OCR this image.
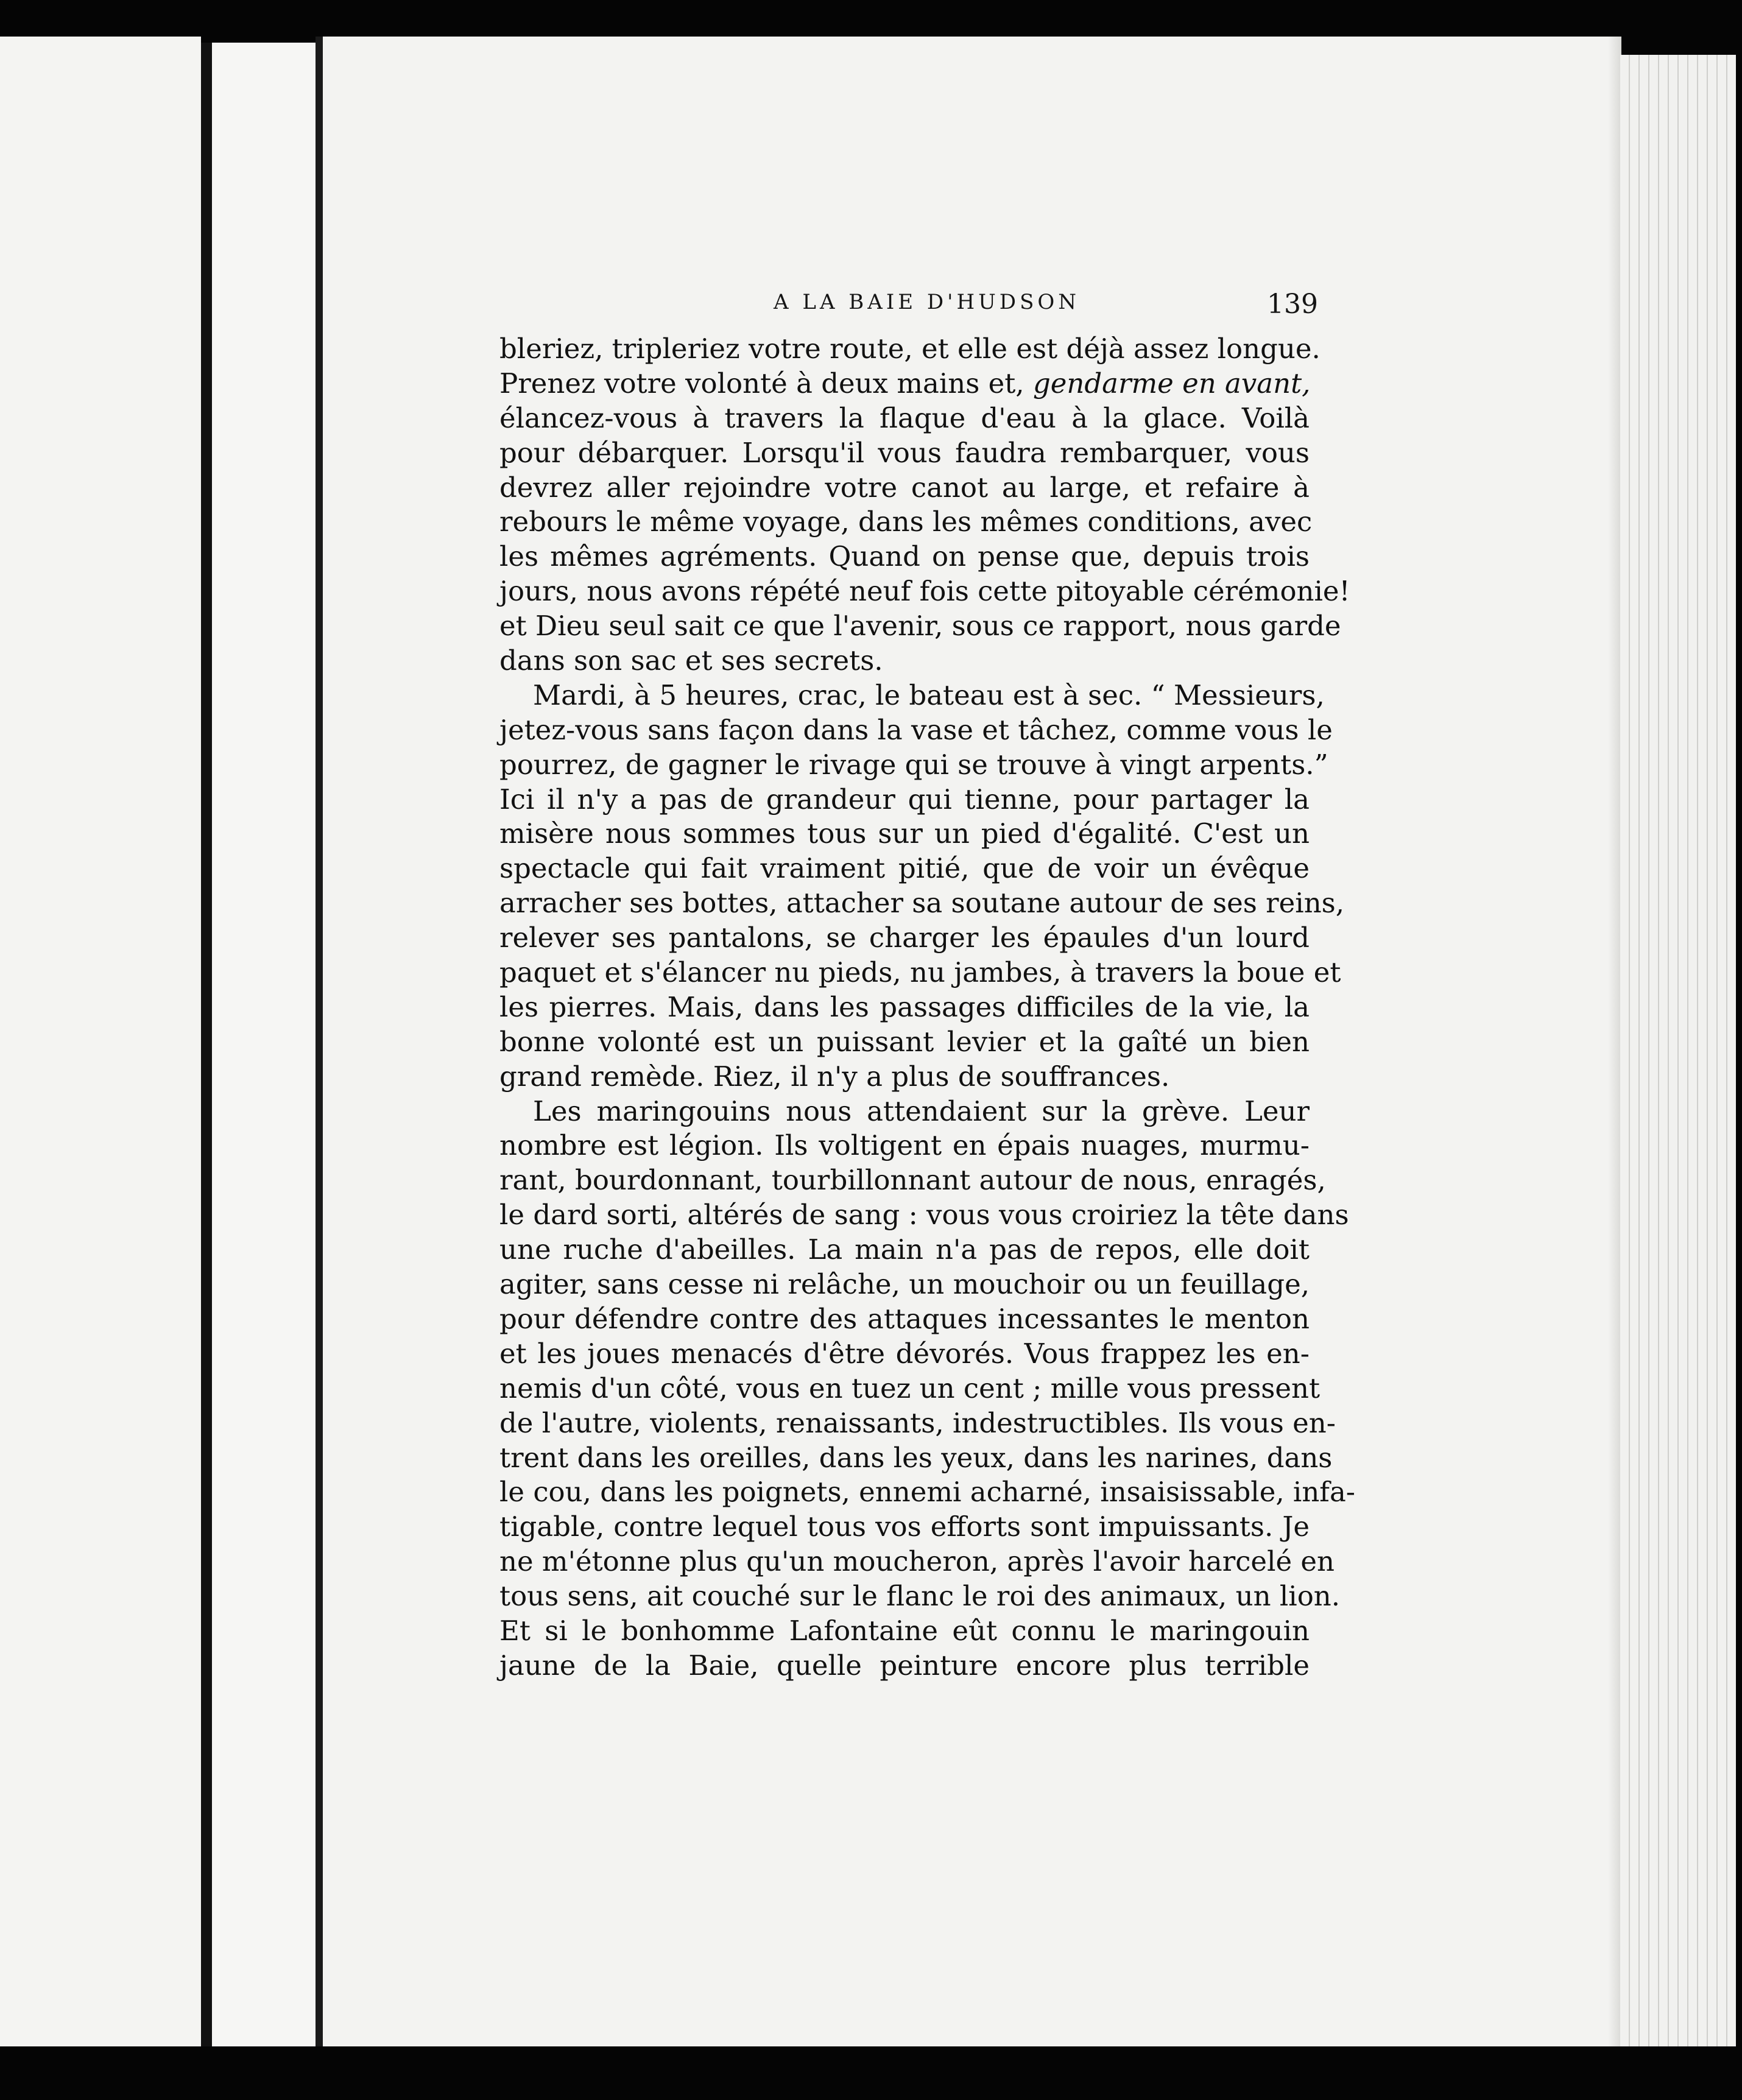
A LA BAIE D'HUDSON	139
bleriez, tripleriez votre route, et elle est déjà assez longue.
Prenez votre volonté à deux mains et, gendarme en avant,
élancez-vous à travers la flaque d'eau à la glace. Voilà
pour débarquer. Lorsqu'il vous faudra rembarquer, vous
devrez aller rejoindre votre canot au large, et refaire à
rebours le même voyage, dans les mêmes conditions, avec
les mêmes agréments. Quand on pense que, depuis trois
jours, nous avons répété neuf fois cette pitoyable cérémonie!
et Dieu seul sait ce que l'avenir, sous ce rapport, nous garde
dans son sac et ses secrets.
Mardi, à 5 heures, crac, le bateau est à sec. “ Messieurs,
jetez-vous sans façon dans la vase et tâchez, comme vous le
pourrez, de gagner le rivage qui se trouve à vingt arpents.”
Ici il n'y a pas de grandeur qui tienne, pour partager la
misère nous sommes tous sur un pied d'égalité. C'est un
spectacle qui fait vraiment pitié, que de voir un évêque
arracher ses bottes, attacher sa soutane autour de ses reins,
relever ses pantalons, se charger les épaules d'un lourd
paquet et s'élancer nu pieds, nu jambes, à travers la boue et
les pierres. Mais, dans les passages difficiles de la vie, la
bonne volonté est un puissant levier et la gaîté un bien
grand remède. Riez, il n'y a plus de souffrances.
Les maringouins nous attendaient sur la grève. Leur
nombre est légion. Ils voltigent en épais nuages, murmu-
rant, bourdonnant, tourbillonnant autour de nous, enragés,
le dard sorti, altérés de sang : vous vous croiriez la tête dans
une ruche d'abeilles. La main n'a pas de repos, elle doit
agiter, sans cesse ni relâche, un mouchoir ou un feuillage,
pour défendre contre des attaques incessantes le menton
et les joues menacés d'être dévorés. Vous frappez les en-
nemis d'un côté, vous en tuez un cent ; mille vous pressent
de l'autre, violents, renaissants, indestructibles. Ils vous en-
trent dans les oreilles, dans les yeux, dans les narines, dans
le cou, dans les poignets, ennemi acharné, insaisissable, infa-
tigable, contre lequel tous vos efforts sont impuissants. Je
ne m'étonne plus qu'un moucheron, après l'avoir harcelé en
tous sens, ait couché sur le flanc le roi des animaux, un lion.
Et si le bonhomme Lafontaine eût connu le maringouin
jaune de la Baie, quelle peinture encore plus terrible
